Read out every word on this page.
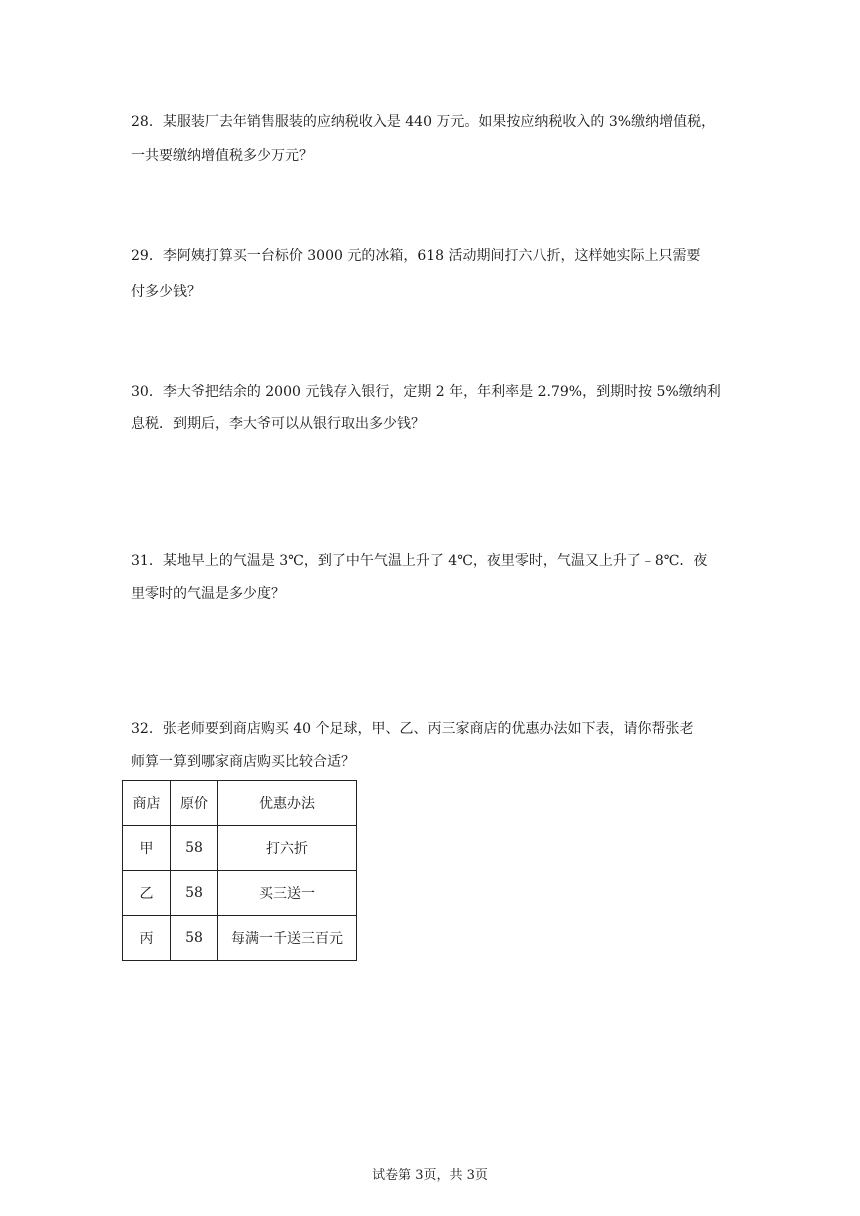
28．某服装厂去年销售服装的应纳税收入是 440 万元。如果按应纳税收入的 3%缴纳增值税，
一共要缴纳增值税多少万元？
29．李阿姨打算买一台标价 3000 元的冰箱，618 活动期间打六八折，这样她实际上只需要
付多少钱？
30．李大爷把结余的 2000 元钱存入银行，定期 2 年，年利率是 2.79%，到期时按 5%缴纳利
息税．到期后，李大爷可以从银行取出多少钱？
31．某地早上的气温是 3℃，到了中午气温上升了 4℃，夜里零时，气温又上升了﹣8℃．夜
里零时的气温是多少度？
32．张老师要到商店购买 40 个足球，甲、乙、丙三家商店的优惠办法如下表，请你帮张老
师算一算到哪家商店购买比较合适？
商店	原价	优惠办法
甲	58	打六折
乙	58	买三送一
丙	58	每满一千送三百元
试卷第 3页，共 3页
